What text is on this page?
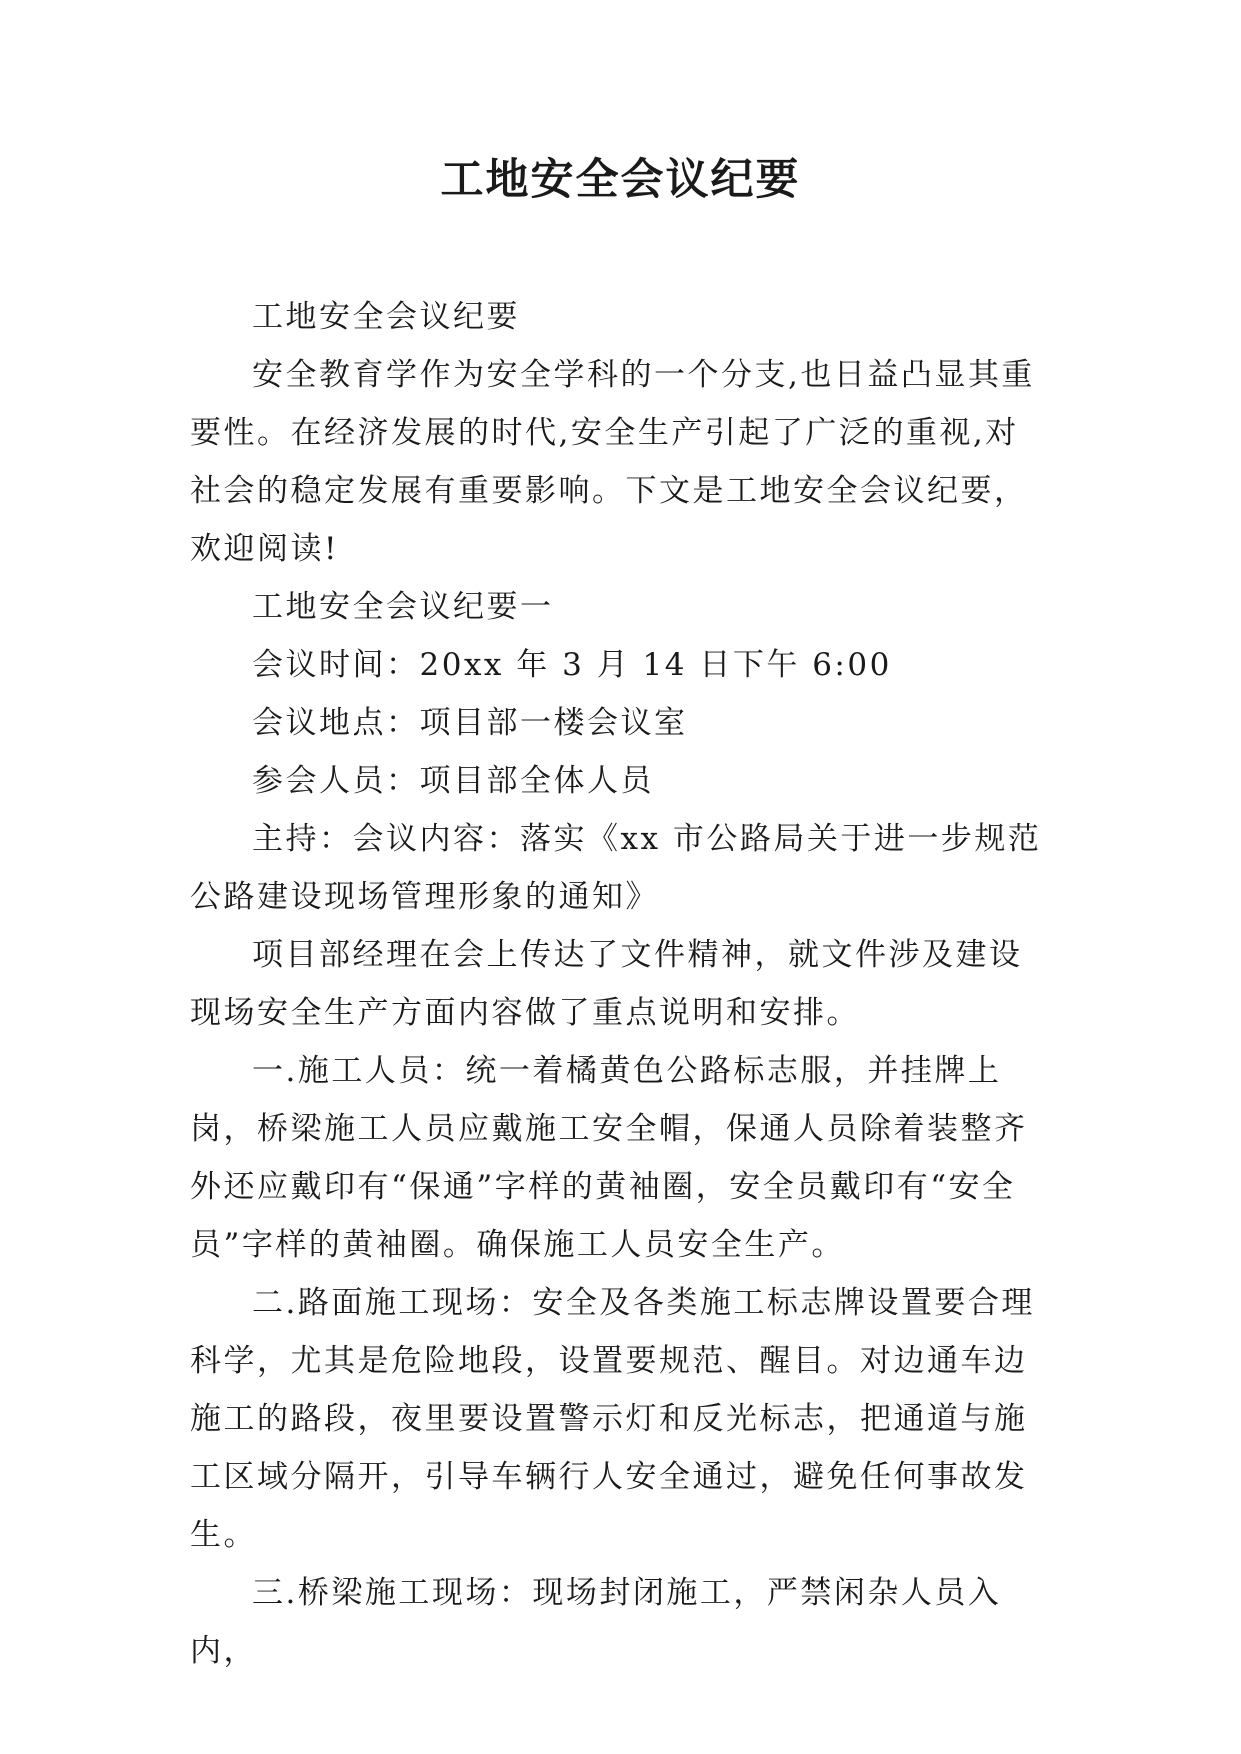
工地安全会议纪要

工地安全会议纪要

安全教育学作为安全学科的一个分支,也日益凸显其重要性。在经济发展的时代,安全生产引起了广泛的重视,对社会的稳定发展有重要影响。下文是工地安全会议纪要，欢迎阅读!

工地安全会议纪要一

会议时间：20xx 年 3 月 14 日下午 6:00

会议地点：项目部一楼会议室

参会人员：项目部全体人员

主持：会议内容：落实《xx 市公路局关于进一步规范公路建设现场管理形象的通知》

项目部经理在会上传达了文件精神，就文件涉及建设现场安全生产方面内容做了重点说明和安排。

一.施工人员：统一着橘黄色公路标志服，并挂牌上岗，桥梁施工人员应戴施工安全帽，保通人员除着装整齐外还应戴印有“保通”字样的黄袖圈，安全员戴印有“安全员”字样的黄袖圈。确保施工人员安全生产。

二.路面施工现场：安全及各类施工标志牌设置要合理科学，尤其是危险地段，设置要规范、醒目。对边通车边施工的路段，夜里要设置警示灯和反光标志，把通道与施工区域分隔开，引导车辆行人安全通过，避免任何事故发生。

三.桥梁施工现场：现场封闭施工，严禁闲杂人员入内，
